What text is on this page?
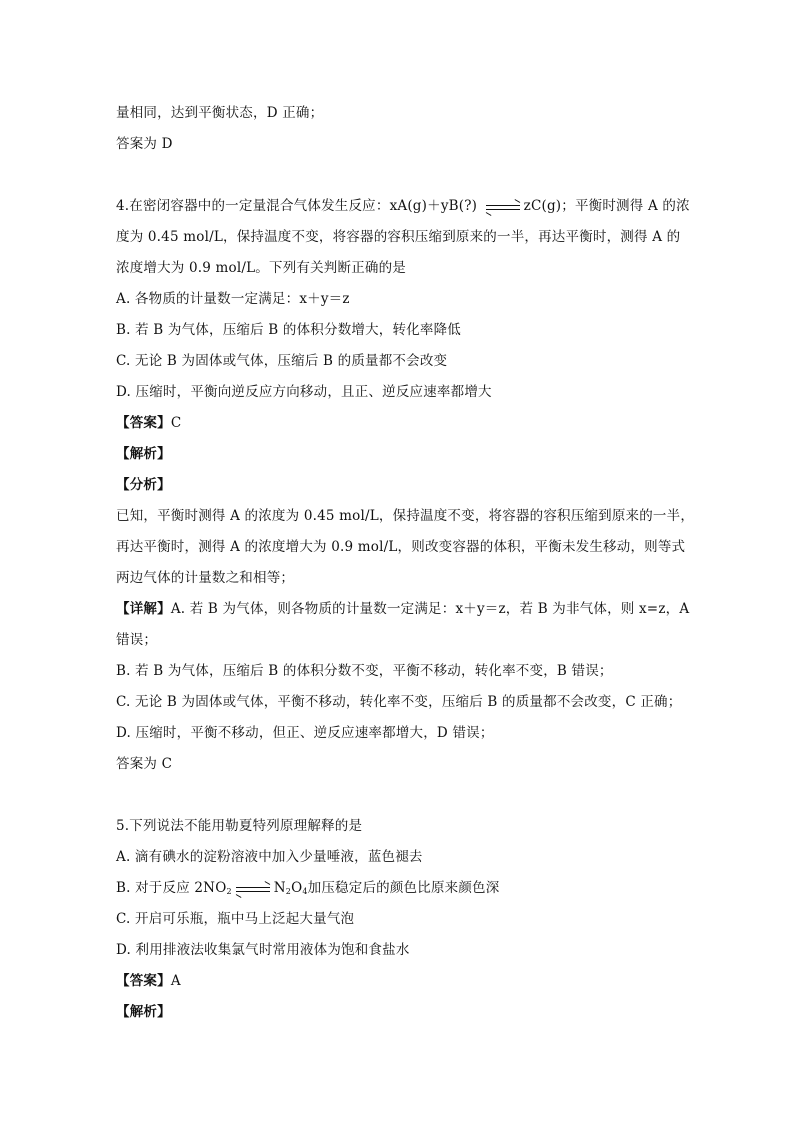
量相同，达到平衡状态，D 正确；
答案为 D
4.在密闭容器中的一定量混合气体发生反应：xA(g)＋yB(?)	zC(g)；平衡时测得 A 的浓
度为 0.45 mol/L，保持温度不变，将容器的容积压缩到原来的一半，再达平衡时，测得 A 的
浓度增大为 0.9 mol/L。下列有关判断正确的是
A. 各物质的计量数一定满足：x＋y＝z
B. 若 B 为气体，压缩后 B 的体积分数增大，转化率降低
C. 无论 B 为固体或气体，压缩后 B 的质量都不会改变
D. 压缩时，平衡向逆反应方向移动，且正、逆反应速率都增大
【答案】C
【解析】
【分析】
已知，平衡时测得 A 的浓度为 0.45 mol/L，保持温度不变，将容器的容积压缩到原来的一半，
再达平衡时，测得 A 的浓度增大为 0.9 mol/L，则改变容器的体积，平衡未发生移动，则等式
两边气体的计量数之和相等；
【详解】A. 若 B 为气体，则各物质的计量数一定满足：x＋y＝z，若 B 为非气体，则 x=z，A
错误；
B. 若 B 为气体，压缩后 B 的体积分数不变，平衡不移动，转化率不变，B 错误；
C. 无论 B 为固体或气体，平衡不移动，转化率不变，压缩后 B 的质量都不会改变，C 正确；
D. 压缩时，平衡不移动，但正、逆反应速率都增大，D 错误；
答案为 C
5.下列说法不能用勒夏特列原理解释的是
A. 滴有碘水的淀粉溶液中加入少量唾液，蓝色褪去
B. 对于反应 $2NO_2$	$N_2O_4$加压稳定后的颜色比原来颜色深
C. 开启可乐瓶，瓶中马上泛起大量气泡
D. 利用排液法收集氯气时常用液体为饱和食盐水
【答案】A
【解析】
